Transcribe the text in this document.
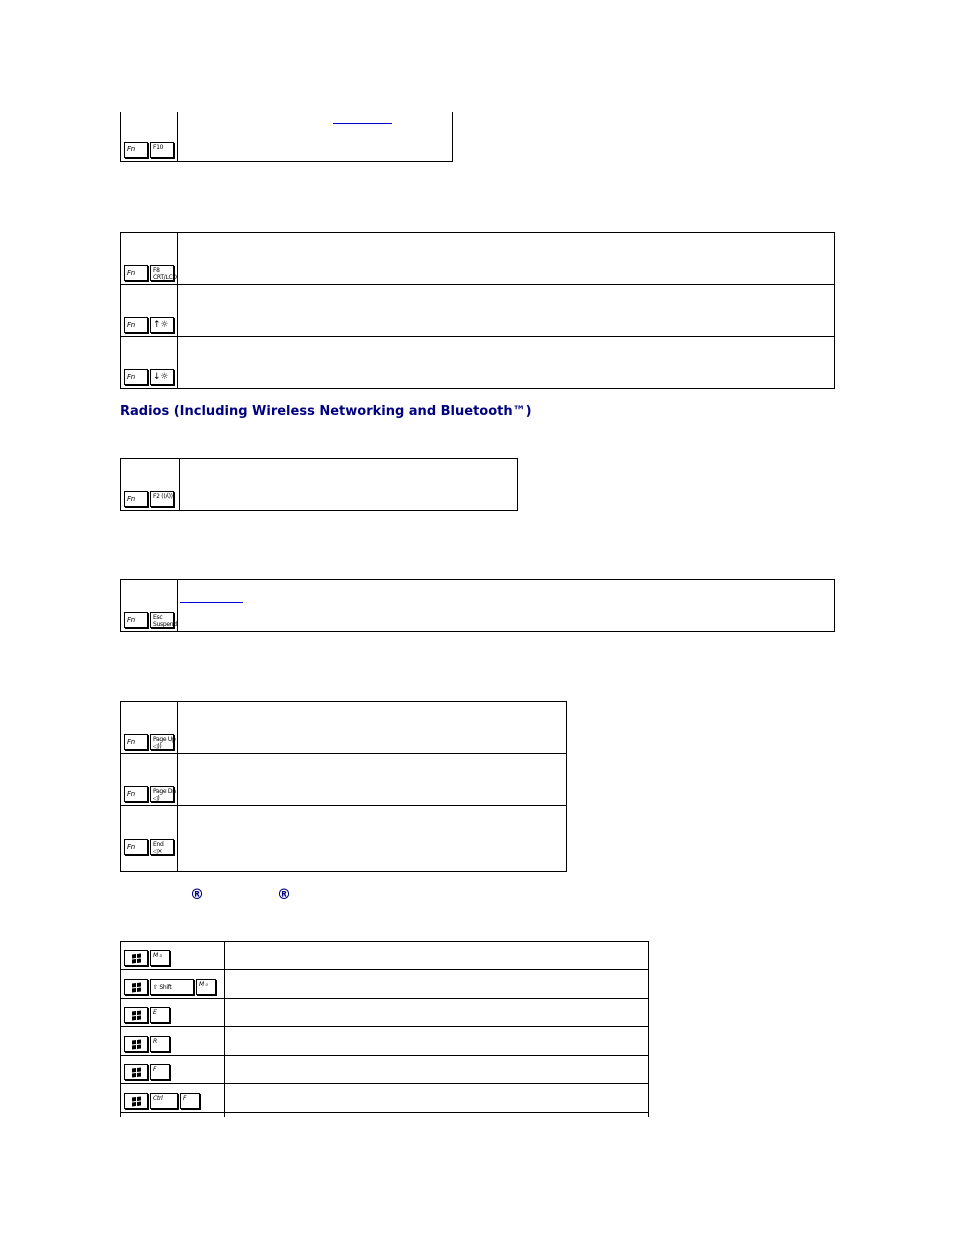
Fn	F10

Fn F8
CRT/LCD	

Fn ↑☼	

Fn ↓☼	

Radios (Including Wireless Networking and Bluetooth™)
Fn	F2 ((ʎ))

Fn	Esc
Suspend

Fn Page Up
◁))	

Fn Page Dn
◁)	

Fn End
◁✕	

®	®
M ₃	

⇧ Shift M ₀	

E	

R	

F	

Ctrl F	
